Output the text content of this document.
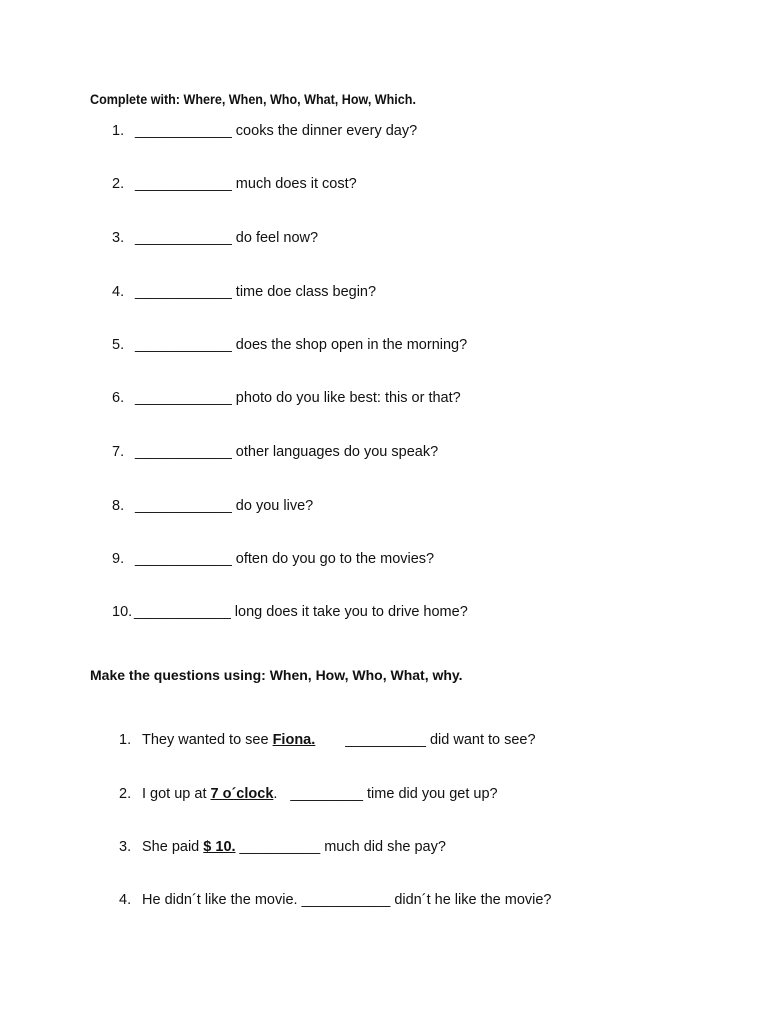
Complete with: Where, When, Who, What, How, Which.

1. ____________ cooks the dinner every day?
2. ____________ much does it cost?
3. ____________ do feel now?
4. ____________ time doe class begin?
5. ____________ does the shop open in the morning?
6. ____________ photo do you like best: this or that?
7. ____________ other languages do you speak?
8. ____________ do you live?
9. ____________ often do you go to the movies?
10. ____________ long does it take you to drive home?

Make the questions using: When, How, Who, What, why.

1. They wanted to see Fiona. __________ did want to see?
2. I got up at 7 o´clock. _________ time did you get up?
3. She paid $ 10. __________ much did she pay?
4. He didn´t like the movie. ___________ didn´t he like the movie?
